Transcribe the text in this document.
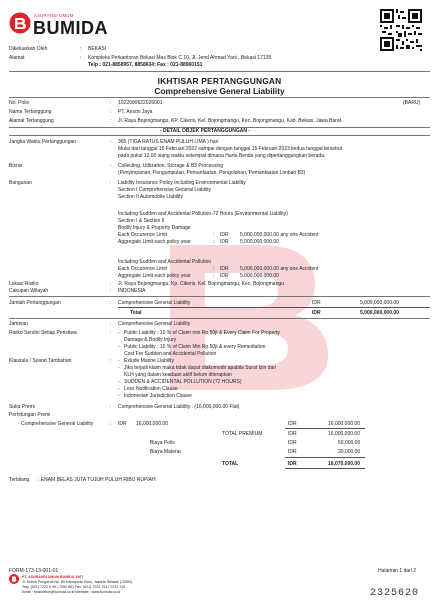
ASURANSI UMUM
BUMIDA
Dikeluarkan Oleh	: BEKASI
Alamat	: Kompleks Perkantoran Bekasi Mas Blok C 10, Jl. Jend Ahmad Yani , Bekasi 17135
Telp : 021-8858957, 8858634; Fax : 021-88960151
IKHTISAR PERTANGGUNGAN
Comprehensive General Liability
No. Polis	: 1022090622026001	(BARU)
Nama Tertanggung	: PT. Anson Jaya
Alamat Tertanggung	: Jl. Raya Bojongmangu, KP. Cikeris, Kel. Bojongmangu, Kec. Bojongmangu, Kab. Bekasi, Jawa Barat
- DETAIL OBJEK PERTANGGUNGAN -
Jangka Waktu Pertanggungan	: 365 (TIGA RATUS ENAM PULUH LIMA ) hari
Mulai dari tanggal 15 Februari 2022 sampai dengan tanggal 15 Februari 2023 kedua tanggal tersebut
pada pukul 12.00 siang waktu setempat dimana Harta Benda yang dipertanggungkan berada.
Bisnis	: Collecting, Utilization, Storage & B3 Processing
(Penyimpanan, Pengumpulan, Pemanfaatan, Pengolahan, Pemanfaatan Limbah B3)
Bangunan	: Liability Insurance Policy Including Environmental Liability
Section I Comprehensive General Liability
Section II Automobile Liability
Including Sudden and Accidental Pollution-72 Hours (Environmental Liability)
Section I & Section II
Bodily Injury & Property Damage
Each Occurence Limit	: IDR 5,000,000,000.00 any one Accident
Aggregate Limit each policy year	: IDR 5,000,000,000.00
Including Sudden and Accidental Pollution
Each Occurence Limit	: IDR 5,000,000,000.00 any one Accident
Aggregate Limit each policy year	: IDR 5,000,000,000.00
Lokasi Risiko	: Jl. Raya Bojongmangu, Kp. Cikeris, Kel. Bojongmangu, Kec. Bojongmangu
Cakupan Wilayah	: INDONESIA
Jumlah Pertanggungan	: Comprehensive General Liability	IDR	5,000,000,000.00
Total	IDR	5,000,000,000.00
Jaminan	: Comprehensive General Liability
Risiko Sendiri Setiap Peristiwa	: - Public Liability : 10 % of Claim min Rp.50jt & Every Claim For Property
Damage & Bodily Injury
- Public Liability : 10 % of Claim Min Rp.50jt & every Remediation
Cost For Sudden and Accidental Pollution
Klausula / Syarat Tambahan	: - Exlude Marine Liability
- Jika terjadi klaim maka tidak dapat diakomodir apabila Surat Izin dari
KLH yang dalam keadaan aktif belum diterapkan
- SUDDEN & ACCIDENTAL POLLUTION (72 HOURS)
- Loss Notification Clause
- Indonesian Jurisdiction Clause
Suku Premi	: Comprehensive General Liability : (16,000,000.00 Flat)
Perhitungan Premi
- Comprehensive General Liability	: IDR 16,000,000.00	IDR	16,000,000.00
TOTAL PREMIUM	IDR	16,000,000.00
Biaya Polis	IDR	50,000.00
Biaya Materai	IDR	20,000.00
TOTAL	IDR	16,070,000.00
Terbilang : ENAM BELAS JUTA TUJUH PULUH RIBU RUPIAH
FORM-173-13-001-01	Halaman 1 dari 2
PT. ASURANSI UMUM BUMIDA 1967
Jl. Kebon Pengerok No. 89 Kebayoran Baru, Jakarta Selatan (12060)
Telp. (021) 7222 9 99 / 7090 881 Fax: (021) 7222 791 / 7222 710
Email : headoffice@bumida.co.id Website : www.bumida.co.id	2325620
